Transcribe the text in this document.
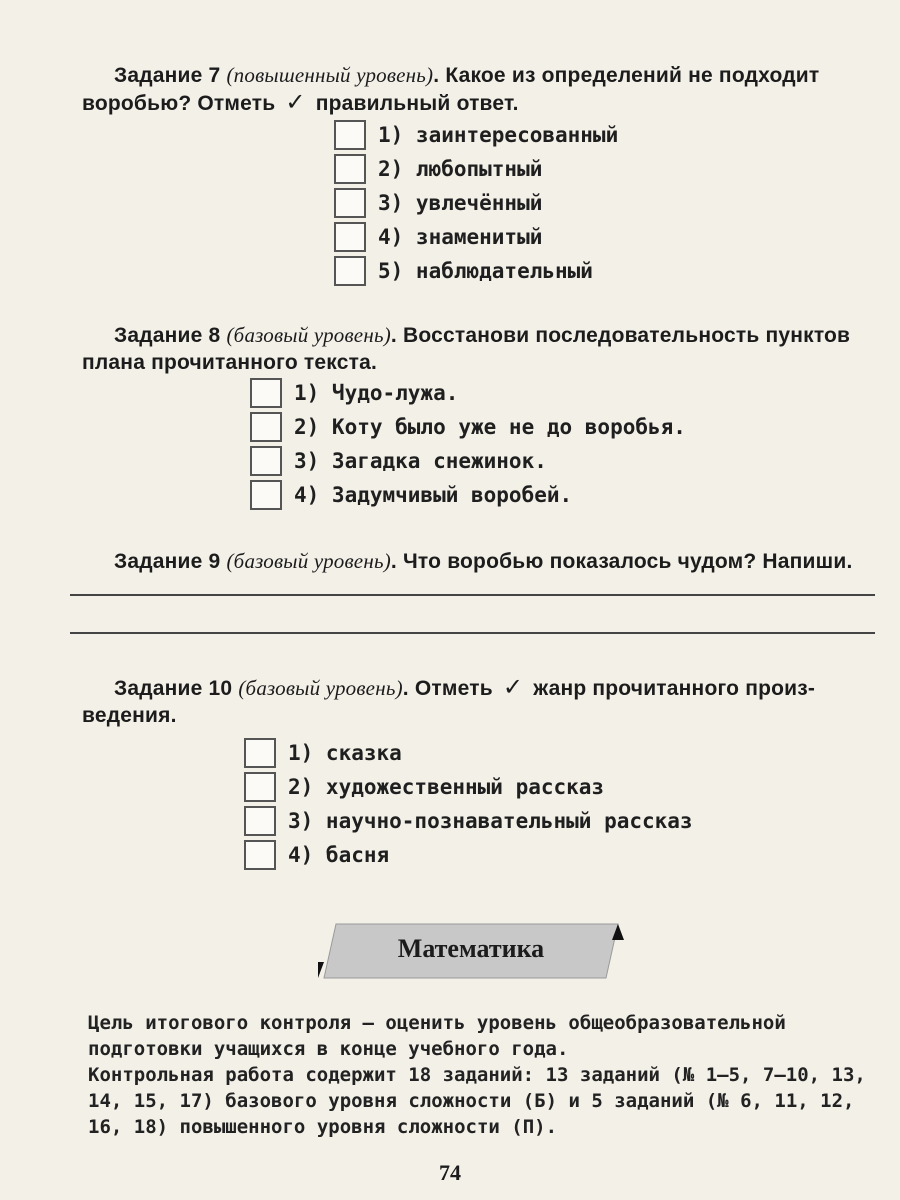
Задание 7 (повышенный уровень). Какое из определений не подходит
воробью? Отметь ✓ правильный ответ.
1) заинтересованный
2) любопытный
3) увлечённый
4) знаменитый
5) наблюдательный
Задание 8 (базовый уровень). Восстанови последовательность пунктов
плана прочитанного текста.
1) Чудо-лужа.
2) Коту было уже не до воробья.
3) Загадка снежинок.
4) Задумчивый воробей.
Задание 9 (базовый уровень). Что воробью показалось чудом? Напиши.
Задание 10 (базовый уровень). Отметь ✓ жанр прочитанного произ-
ведения.
1) сказка
2) художественный рассказ
3) научно-познавательный рассказ
4) басня
Математика
Цель итогового контроля — оценить уровень общеобразовательной подготовки учащихся в конце учебного года.
Контрольная работа содержит 18 заданий: 13 заданий (№ 1—5, 7—10, 13, 14, 15, 17) базового уровня сложности (Б) и 5 заданий (№ 6, 11, 12, 16, 18) повышенного уровня сложности (П).
74
